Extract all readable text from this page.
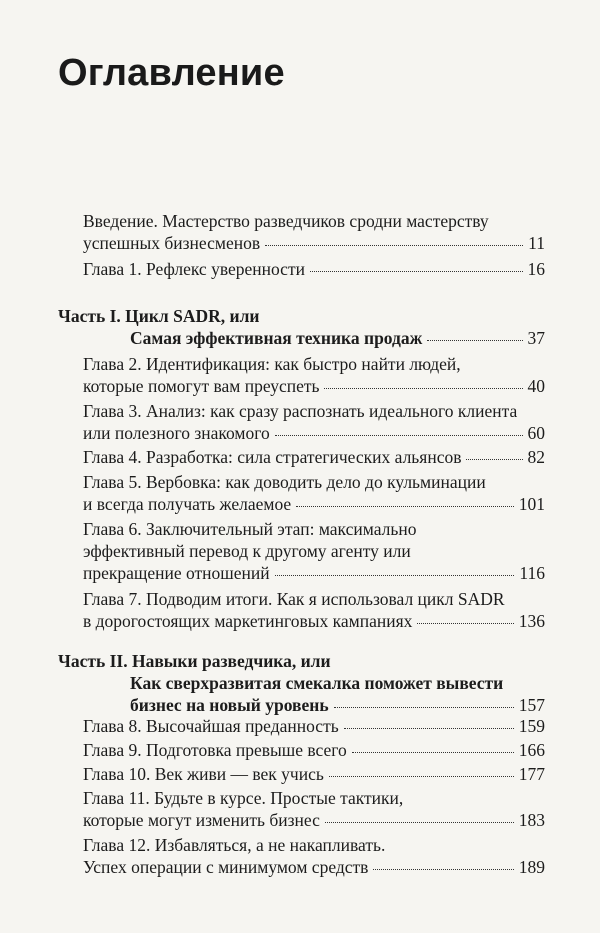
Оглавление
Введение. Мастерство разведчиков сродни мастерству
успешных бизнесменов	11
Глава 1. Рефлекс уверенности	16
Часть I. Цикл SADR, или
Самая эффективная техника продаж	37
Глава 2. Идентификация: как быстро найти людей,
которые помогут вам преуспеть	40
Глава 3. Анализ: как сразу распознать идеального клиента
или полезного знакомого	60
Глава 4. Разработка: сила стратегических альянсов	82
Глава 5. Вербовка: как доводить дело до кульминации
и всегда получать желаемое	101
Глава 6. Заключительный этап: максимально
эффективный перевод к другому агенту или
прекращение отношений	116
Глава 7. Подводим итоги. Как я использовал цикл SADR
в дорогостоящих маркетинговых кампаниях	136
Часть II. Навыки разведчика, или
Как сверхразвитая смекалка поможет вывести
бизнес на новый уровень	157
Глава 8. Высочайшая преданность	159
Глава 9. Подготовка превыше всего	166
Глава 10. Век живи — век учись	177
Глава 11. Будьте в курсе. Простые тактики,
которые могут изменить бизнес	183
Глава 12. Избавляться, а не накапливать.
Успех операции с минимумом средств	189
